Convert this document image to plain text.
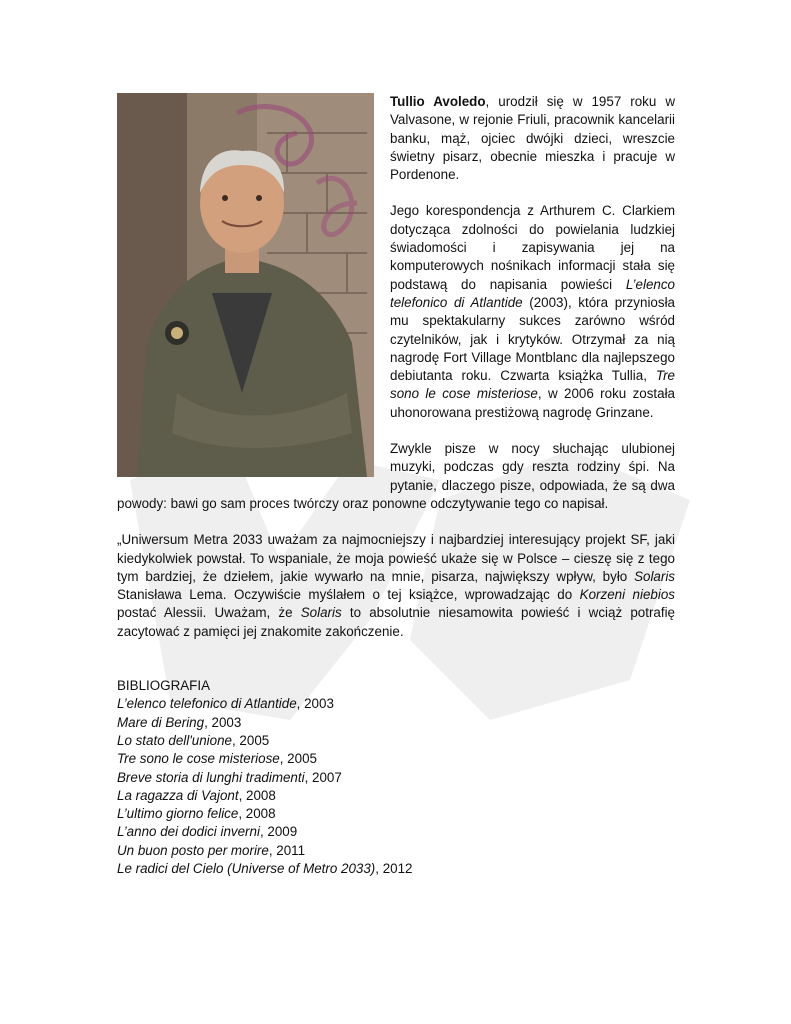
Tullio Avoledo, urodził się w 1957 roku w Valvasone, w rejonie Friuli, pracownik kancelarii banku, mąż, ojciec dwójki dzieci, wreszcie świetny pisarz, obecnie mieszka i pracuje w Pordenone.

Jego korespondencja z Arthurem C. Clarkiem dotycząca zdolności do powielania ludzkiej świadomości i zapisywania jej na komputerowych nośnikach informacji stała się podstawą do napisania powieści L’elenco telefonico di Atlantide (2003), która przyniosła mu spektakularny sukces zarówno wśród czytelników, jak i krytyków. Otrzymał za nią nagrodę Fort Village Montblanc dla najlepszego debiutanta roku. Czwarta książka Tullia, Tre sono le cose misteriose, w 2006 roku została uhonorowana prestiżową nagrodę Grinzane.

Zwykle pisze w nocy słuchając ulubionej muzyki, podczas gdy reszta rodziny śpi. Na pytanie, dlaczego pisze, odpowiada, że są dwa powody: bawi go sam proces twórczy oraz ponowne odczytywanie tego co napisał.

„Uniwersum Metra 2033 uważam za najmocniejszy i najbardziej interesujący projekt SF, jaki kiedykolwiek powstał. To wspaniale, że moja powieść ukaże się w Polsce – cieszę się z tego tym bardziej, że dziełem, jakie wywarło na mnie, pisarza, największy wpływ, było Solaris Stanisława Lema. Oczywiście myślałem o tej książce, wprowadzając do Korzeni niebios postać Alessii. Uważam, że Solaris to absolutnie niesamowita powieść i wciąż potrafię zacytować z pamięci jej znakomite zakończenie.

BIBLIOGRAFIA
L’elenco telefonico di Atlantide, 2003
Mare di Bering, 2003
Lo stato dell'unione, 2005
Tre sono le cose misteriose, 2005
Breve storia di lunghi tradimenti, 2007
La ragazza di Vajont, 2008
L’ultimo giorno felice, 2008
L’anno dei dodici inverni, 2009
Un buon posto per morire, 2011
Le radici del Cielo (Universe of Metro 2033), 2012
